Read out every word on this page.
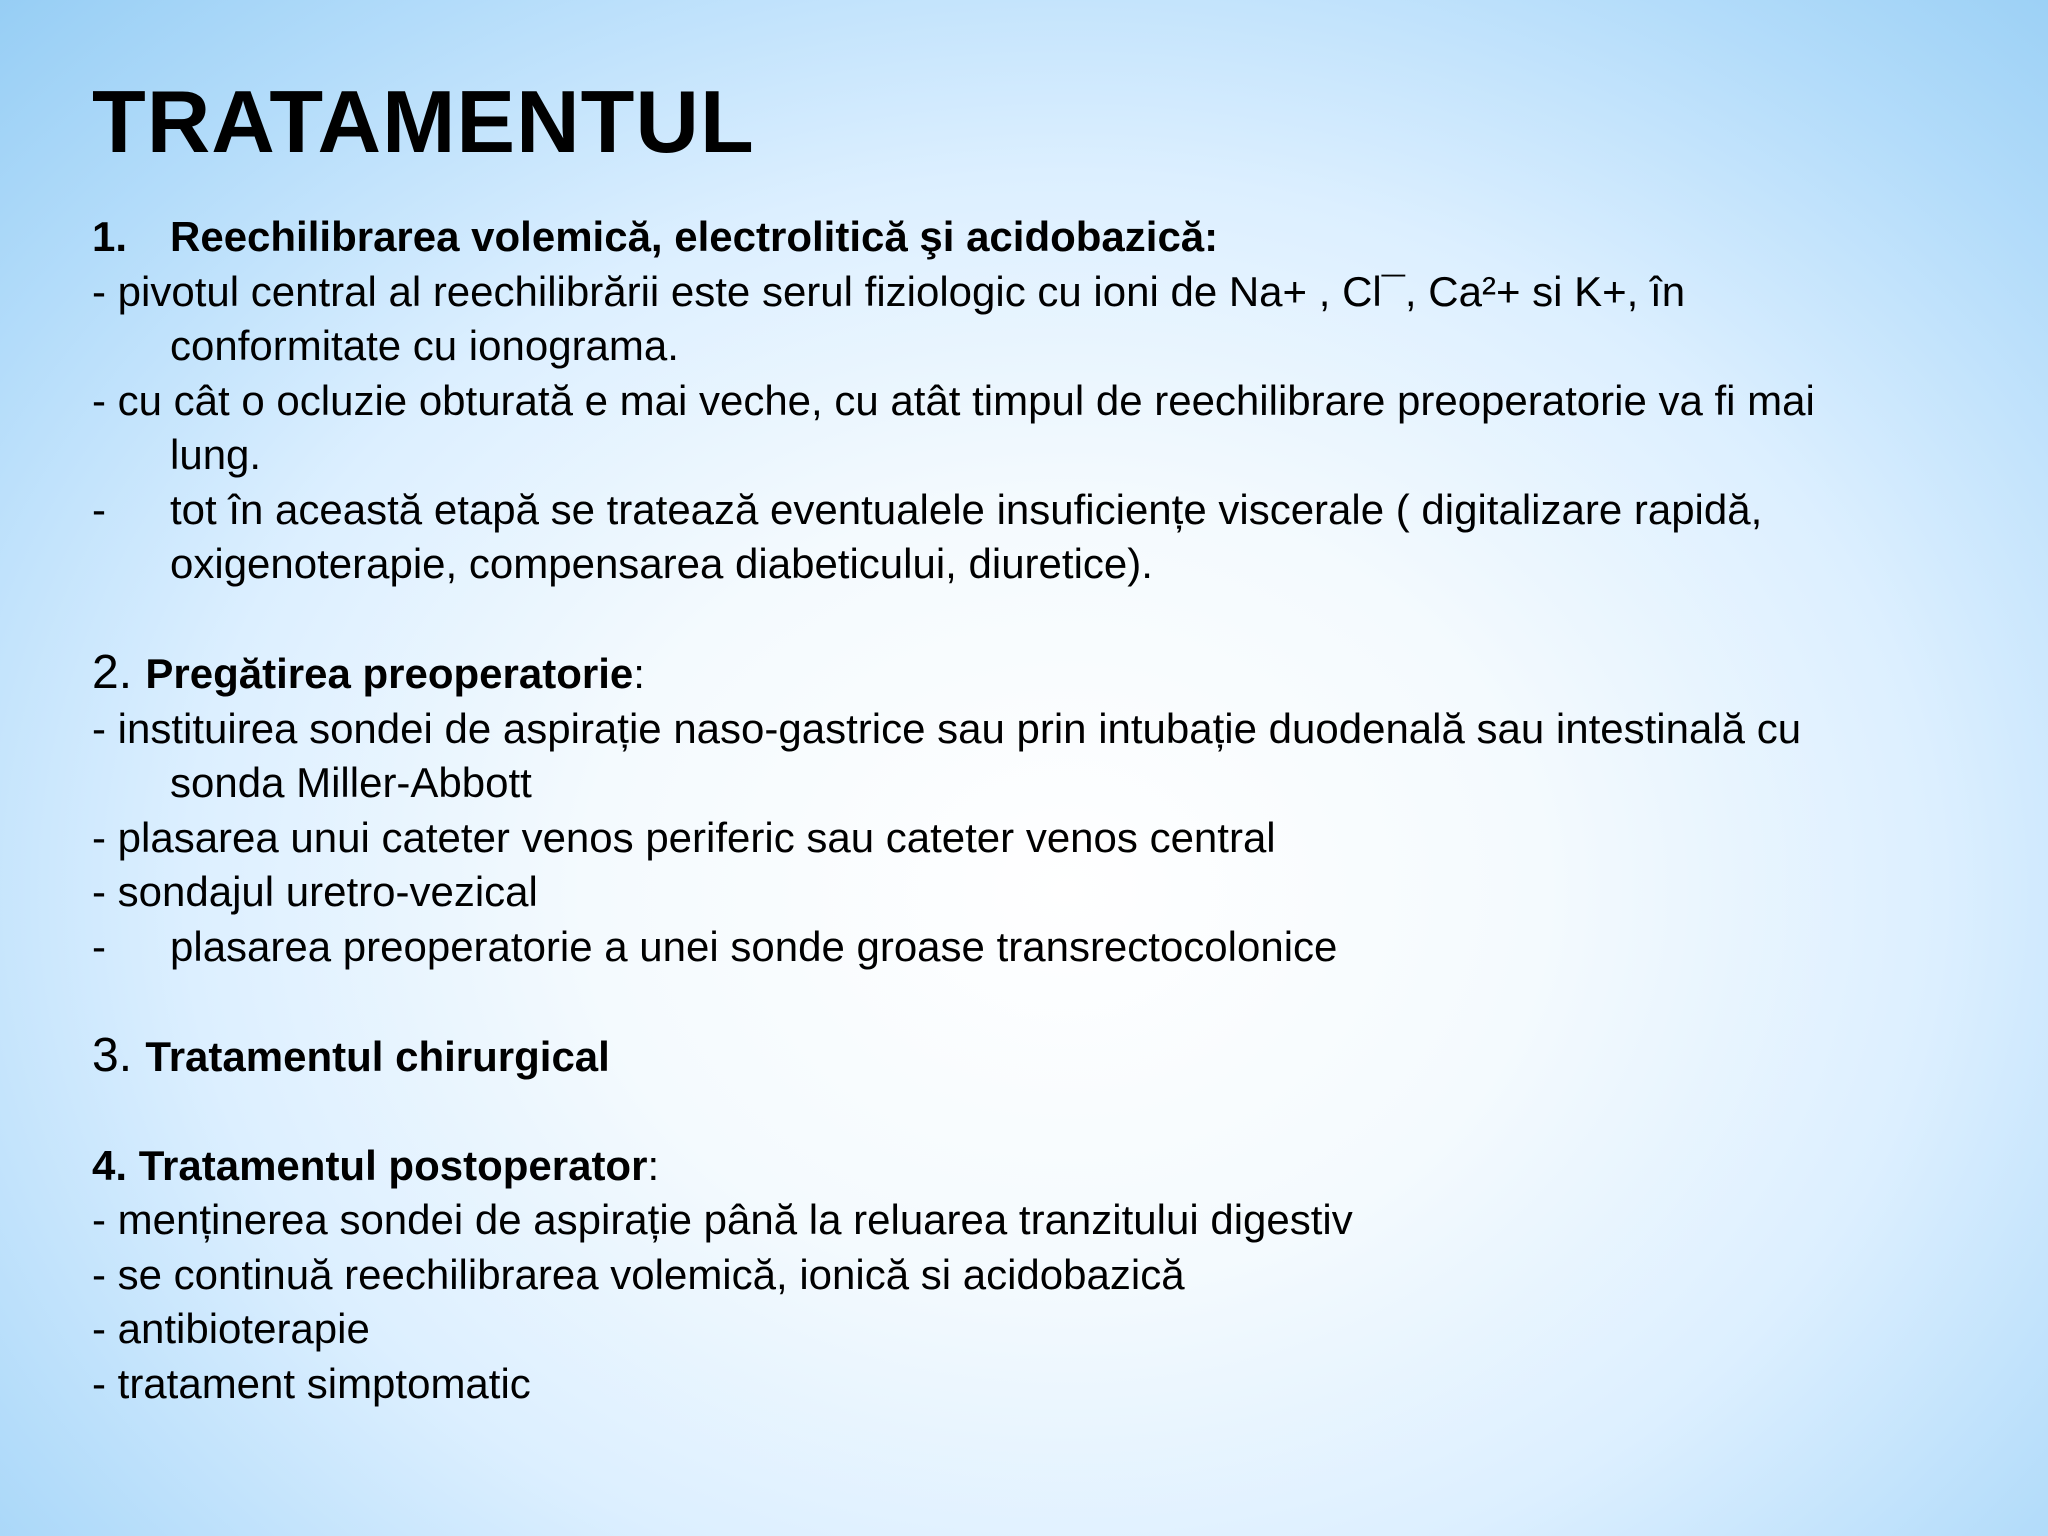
TRATAMENTUL
1. Reechilibrarea volemică, electrolitică şi acidobazică:
- pivotul central al reechilibrării este serul fiziologic cu ioni de Na+ , Cl¯, Ca²+ si K+, în
conformitate cu ionograma.
- cu cât o ocluzie obturată e mai veche, cu atât timpul de reechilibrare preoperatorie va fi mai
lung.
- tot în această etapă se tratează eventualele insuficiențe viscerale ( digitalizare rapidă,
oxigenoterapie, compensarea diabeticului, diuretice).
2. Pregătirea preoperatorie:
- instituirea sondei de aspirație naso-gastrice sau prin intubație duodenală sau intestinală cu
sonda Miller-Abbott
- plasarea unui cateter venos periferic sau cateter venos central
- sondajul uretro-vezical
- plasarea preoperatorie a unei sonde groase transrectocolonice
3. Tratamentul chirurgical
4. Tratamentul postoperator:
- menținerea sondei de aspirație până la reluarea tranzitului digestiv
- se continuă reechilibrarea volemică, ionică si acidobazică
- antibioterapie
- tratament simptomatic
